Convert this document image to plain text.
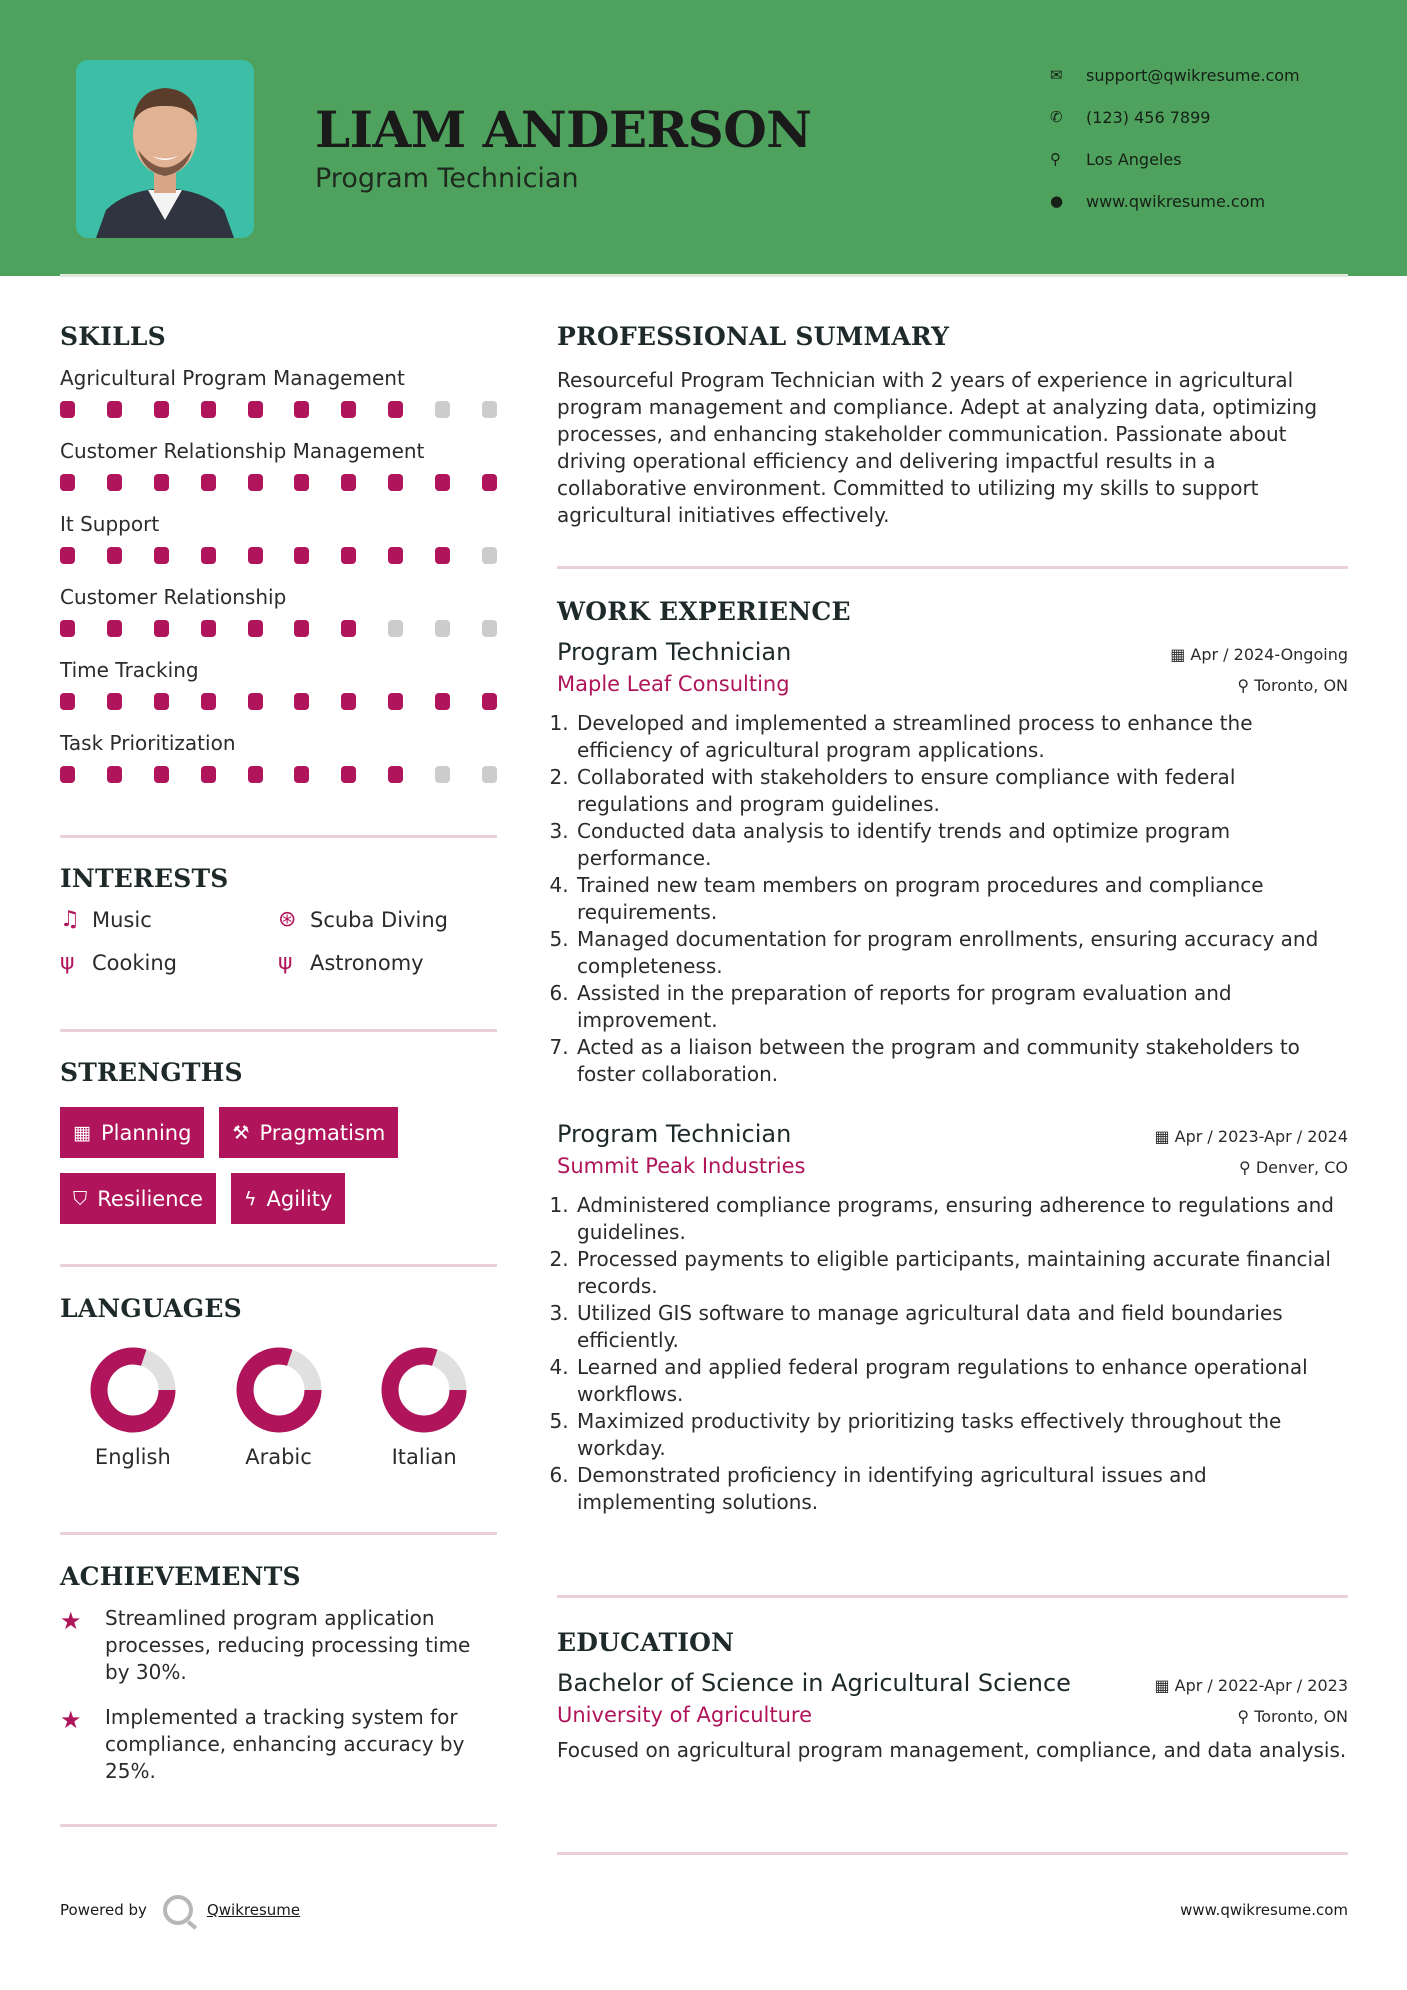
LIAM ANDERSON
Program Technician
✉	support@qwikresume.com
✆	(123) 456 7899
⚲	Los Angeles
●	www.qwikresume.com
SKILLS
Agricultural Program Management
Customer Relationship Management
It Support
Customer Relationship
Time Tracking
Task Prioritization
INTERESTS
♫ Music	⊛ Scuba Diving
ψ Cooking	ψ Astronomy
STRENGTHS
▦ Planning ⚒ Pragmatism
⛉ Resilience ϟ Agility
LANGUAGES
English	Arabic	Italian
ACHIEVEMENTS
★	Streamlined program application processes, reducing processing time by 30%.
★	Implemented a tracking system for compliance, enhancing accuracy by 25%.
PROFESSIONAL SUMMARY
Resourceful Program Technician with 2 years of experience in agricultural program management and compliance. Adept at analyzing data, optimizing processes, and enhancing stakeholder communication. Passionate about driving operational efficiency and delivering impactful results in a collaborative environment. Committed to utilizing my skills to support agricultural initiatives effectively.
WORK EXPERIENCE
Program Technician	▦ Apr / 2024-Ongoing
Maple Leaf Consulting	⚲ Toronto, ON
1. Developed and implemented a streamlined process to enhance the efficiency of agricultural program applications.
2. Collaborated with stakeholders to ensure compliance with federal regulations and program guidelines.
3. Conducted data analysis to identify trends and optimize program performance.
4. Trained new team members on program procedures and compliance requirements.
5. Managed documentation for program enrollments, ensuring accuracy and completeness.
6. Assisted in the preparation of reports for program evaluation and improvement.
7. Acted as a liaison between the program and community stakeholders to foster collaboration.
Program Technician	▦ Apr / 2023-Apr / 2024
Summit Peak Industries	⚲ Denver, CO
1. Administered compliance programs, ensuring adherence to regulations and guidelines.
2. Processed payments to eligible participants, maintaining accurate financial records.
3. Utilized GIS software to manage agricultural data and field boundaries efficiently.
4. Learned and applied federal program regulations to enhance operational workflows.
5. Maximized productivity by prioritizing tasks effectively throughout the workday.
6. Demonstrated proficiency in identifying agricultural issues and implementing solutions.
EDUCATION
Bachelor of Science in Agricultural Science	▦ Apr / 2022-Apr / 2023
University of Agriculture	⚲ Toronto, ON
Focused on agricultural program management, compliance, and data analysis.
Powered by	Qwikresume	www.qwikresume.com
